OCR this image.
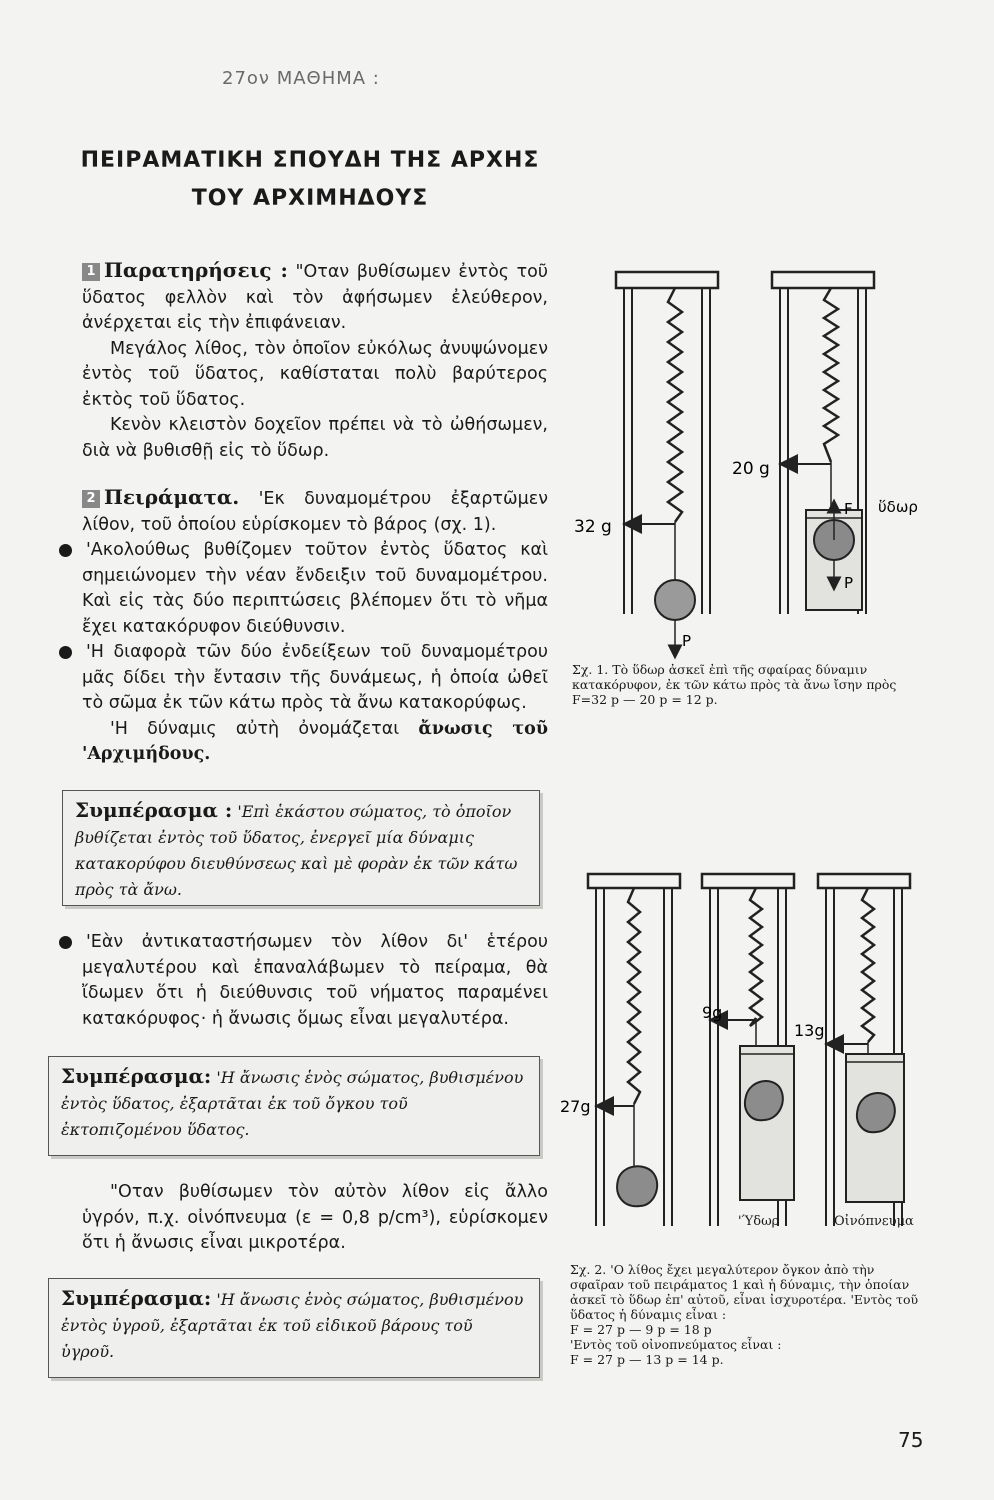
27ον ΜΑΘΗΜΑ :
ΠΕΙΡΑΜΑΤΙΚΗ ΣΠΟΥΔΗ ΤΗΣ ΑΡΧΗΣ
ΤΟΥ ΑΡΧΙΜΗΔΟΥΣ

1 Παρατηρήσεις : "Οταν βυθίσωμεν ἐντὸς τοῦ ὕδατος φελλὸν καὶ τὸν ἀφήσωμεν ἐλεύθερον, ἀνέρχεται εἰς τὴν ἐπιφάνειαν.

Μεγάλος λίθος, τὸν ὁποῖον εὐκόλως ἀνυψώνομεν ἐντὸς τοῦ ὕδατος, καθίσταται πολὺ βαρύτερος ἐκτὸς τοῦ ὕδατος.

Κενὸν κλειστὸν δοχεῖον πρέπει νὰ τὸ ὠθήσωμεν, διὰ νὰ βυθισθῇ εἰς τὸ ὕδωρ.

2 Πειράματα. 'Εκ δυναμομέτρου ἐξαρτῶμεν λίθον, τοῦ ὁποίου εὑρίσκομεν τὸ βάρος (σχ. 1).

'Ακολούθως βυθίζομεν τοῦτον ἐντὸς ὕδατος καὶ σημειώνομεν τὴν νέαν ἔνδειξιν τοῦ δυναμομέτρου. Καὶ εἰς τὰς δύο περιπτώσεις βλέπομεν ὅτι τὸ νῆμα ἔχει κατακόρυφον διεύθυνσιν.

'Η διαφορὰ τῶν δύο ἐνδείξεων τοῦ δυναμομέτρου μᾶς δίδει τὴν ἔντασιν τῆς δυνάμεως, ἡ ὁποία ὠθεῖ τὸ σῶμα ἐκ τῶν κάτω πρὸς τὰ ἄνω κατακορύφως.

'Η δύναμις αὐτὴ ὀνομάζεται ἄνωσις τοῦ 'Αρχιμήδους.

Συμπέρασμα : 'Επὶ ἑκάστου σώματος, τὸ ὁποῖον βυθίζεται ἐντὸς τοῦ ὕδατος, ἐνεργεῖ μία δύναμις κατακορύφου διευθύνσεως καὶ μὲ φορὰν ἐκ τῶν κάτω πρὸς τὰ ἄνω.

'Εὰν ἀντικαταστήσωμεν τὸν λίθον δι' ἑτέρου μεγαλυτέρου καὶ ἐπαναλάβωμεν τὸ πείραμα, θὰ ἴδωμεν ὅτι ἡ διεύθυνσις τοῦ νήματος παραμένει κατακόρυφος· ἡ ἄνωσις ὅμως εἶναι μεγαλυτέρα.

Συμπέρασμα: 'Η ἄνωσις ἑνὸς σώματος, βυθισμένου ἐντὸς ὕδατος, ἐξαρτᾶται ἐκ τοῦ ὄγκου τοῦ ἐκτοπιζομένου ὕδατος.

"Οταν βυθίσωμεν τὸν αὐτὸν λίθον εἰς ἄλλο ὑγρόν, π.χ. οἰνόπνευμα (ε = 0,8 p/cm³), εὑρίσκομεν ὅτι ἡ ἄνωσις εἶναι μικροτέρα.

Συμπέρασμα: 'Η ἄνωσις ἑνὸς σώματος, βυθισμένου ἐντὸς ὑγροῦ, ἐξαρτᾶται ἐκ τοῦ εἰδικοῦ βάρους τοῦ ὑγροῦ.
32 g
P
20 g
F
P
ὕδωρ
Σχ. 1. Τὸ ὕδωρ ἀσκεῖ ἐπὶ τῆς σφαίρας δύναμιν κατακόρυφον, ἐκ τῶν κάτω πρὸς τὰ ἄνω ἴσην πρὸς F=32 p — 20 p = 12 p.
27g
9g
13g
'Ύδωρ	Οἰνόπνευμα
Σχ. 2. 'Ο λίθος ἔχει μεγαλύτερον ὄγκον ἀπὸ τὴν σφαῖραν τοῦ πειράματος 1 καὶ ἡ δύναμις, τὴν ὁποίαν ἀσκεῖ τὸ ὕδωρ ἐπ' αὐτοῦ, εἶναι ἰσχυροτέρα. 'Εντὸς τοῦ ὕδατος ἡ δύναμις εἶναι :
F = 27 p — 9 p = 18 p
'Εντὸς τοῦ οἰνοπνεύματος εἶναι :
F = 27 p — 13 p = 14 p.
75
